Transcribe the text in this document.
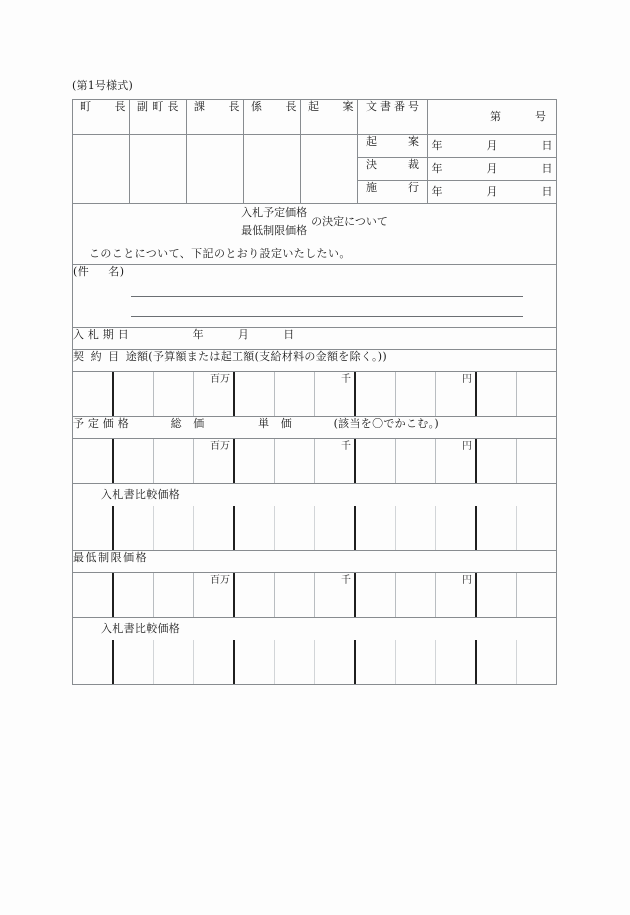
(第1号様式)
町　　長	副町長	課　　長	係　　長	起　　案	文書番号	第 号

					起　　案	年 月 日

					決　　裁	年 月 日

					施　　行	年 月 日

入札予定価格
最低制限価格
の決定について
このことについて、下記のとおり設定いたしたい。						

(件　名)						

入札期日 年 月 日						
契約目途額(予算額または起工額(支給材料の金額を除く。))						

百万 千 円						

予定価格 総　価 単　価 (該当を〇でかこむ。)						

百万 千 円						

入札書比較価格						

最低制限価格						

百万 千 円						

入札書比較価格						
